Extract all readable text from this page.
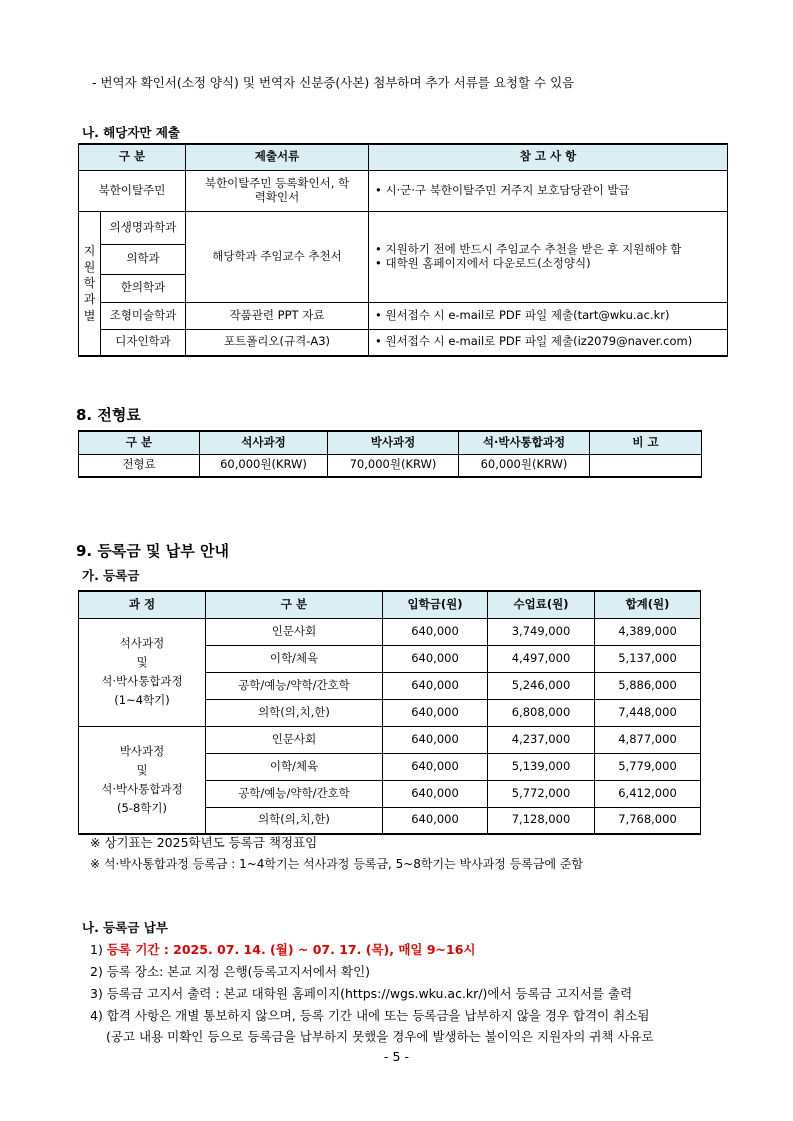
- 번역자 확인서(소정 양식) 및 번역자 신분증(사본) 첨부하며 추가 서류를 요청할 수 있음
나. 해당자만 제출
구 분		제출서류	참 고 사 항
북한이탈주민		북한이탈주민 등록확인서, 학력확인서	• 시·군·구 북한이탈주민 거주지 보호담당관이 발급
지원학과별	의생명과학과	해당학과 주임교수 추천서	• 지원하기 전에 반드시 주임교수 추천을 받은 후 지원해야 함
• 대학원 홈페이지에서 다운로드(소정양식)

	의학과		
	한의학과		
	조형미술학과	작품관련 PPT 자료	• 원서접수 시 e-mail로 PDF 파일 제출(tart@wku.ac.kr)
	디자인학과	포트폴리오(규격-A3)	• 원서접수 시 e-mail로 PDF 파일 제출(iz2079@naver.com)
8. 전형료
구 분	석사과정	박사과정	석·박사통합과정	비 고
전형료	60,000원(KRW)	70,000원(KRW)	60,000원(KRW)	
9. 등록금 및 납부 안내
가. 등록금
과 정	구 분	입학금(원)	수업료(원)	합계(원)

석사과정
및
석·박사통합과정
(1~4학기)	인문사회	640,000	3,749,000	4,389,000
	이학/체육	640,000	4,497,000	5,137,000
	공학/예능/약학/간호학	640,000	5,246,000	5,886,000
	의학(의,치,한)	640,000	6,808,000	7,448,000

박사과정
및
석·박사통합과정
(5-8학기)	인문사회	640,000	4,237,000	4,877,000
	이학/체육	640,000	5,139,000	5,779,000
	공학/예능/약학/간호학	640,000	5,772,000	6,412,000
	의학(의,치,한)	640,000	7,128,000	7,768,000
※ 상기표는 2025학년도 등록금 책정표임
※ 석·박사통합과정 등록금 : 1~4학기는 석사과정 등록금, 5~8학기는 박사과정 등록금에 준함
나. 등록금 납부
1) 등록 기간 : 2025. 07. 14. (월) ~ 07. 17. (목), 매일 9~16시
2) 등록 장소: 본교 지정 은행(등록고지서에서 확인)
3) 등록금 고지서 출력 : 본교 대학원 홈페이지(https://wgs.wku.ac.kr/)에서 등록금 고지서를 출력
4) 합격 사항은 개별 통보하지 않으며, 등록 기간 내에 또는 등록금을 납부하지 않을 경우 합격이 취소됨
(공고 내용 미확인 등으로 등록금을 납부하지 못했을 경우에 발생하는 불이익은 지원자의 귀책 사유로
- 5 -
